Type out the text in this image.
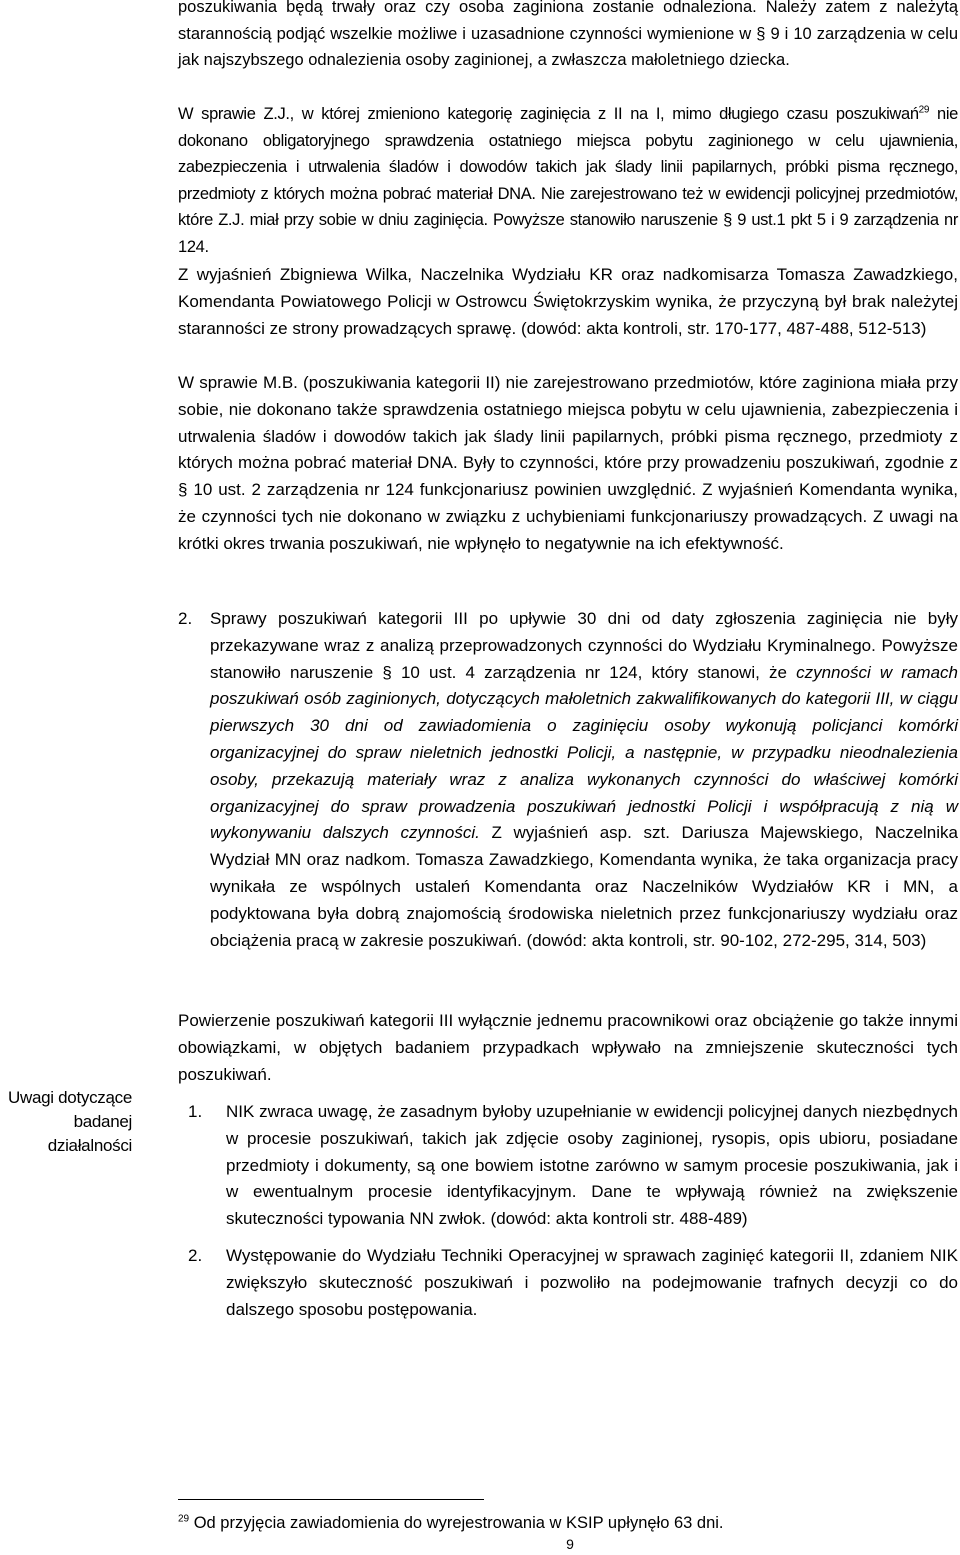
poszukiwania będą trwały oraz czy osoba zaginiona zostanie odnaleziona. Należy zatem z należytą starannością podjąć wszelkie możliwe i uzasadnione czynności wymienione w § 9 i 10 zarządzenia w celu jak najszybszego odnalezienia osoby zaginionej, a zwłaszcza małoletniego dziecka.

W sprawie Z.J., w której zmieniono kategorię zaginięcia z II na I, mimo długiego czasu poszukiwań$^{29}$ nie dokonano obligatoryjnego sprawdzenia ostatniego miejsca pobytu zaginionego w celu ujawnienia, zabezpieczenia i utrwalenia śladów i dowodów takich jak ślady linii papilarnych, próbki pisma ręcznego, przedmioty z których można pobrać materiał DNA. Nie zarejestrowano też w ewidencji policyjnej przedmiotów, które Z.J. miał przy sobie w dniu zaginięcia. Powyższe stanowiło naruszenie § 9 ust.1 pkt 5 i 9 zarządzenia nr 124.

Z wyjaśnień Zbigniewa Wilka, Naczelnika Wydziału KR oraz nadkomisarza Tomasza Zawadzkiego, Komendanta Powiatowego Policji w Ostrowcu Świętokrzyskim wynika, że przyczyną był brak należytej staranności ze strony prowadzących sprawę. (dowód: akta kontroli, str. 170-177, 487-488, 512-513)

W sprawie M.B. (poszukiwania kategorii II) nie zarejestrowano przedmiotów, które zaginiona miała przy sobie, nie dokonano także sprawdzenia ostatniego miejsca pobytu w celu ujawnienia, zabezpieczenia i utrwalenia śladów i dowodów takich jak ślady linii papilarnych, próbki pisma ręcznego, przedmioty z których można pobrać materiał DNA. Były to czynności, które przy prowadzeniu poszukiwań, zgodnie z § 10 ust. 2 zarządzenia nr 124 funkcjonariusz powinien uwzględnić. Z wyjaśnień Komendanta wynika, że czynności tych nie dokonano w związku z uchybieniami funkcjonariuszy prowadzących. Z uwagi na krótki okres trwania poszukiwań, nie wpłynęło to negatywnie na ich efektywność.

2. Sprawy poszukiwań kategorii III po upływie 30 dni od daty zgłoszenia zaginięcia nie były przekazywane wraz z analizą przeprowadzonych czynności do Wydziału Kryminalnego. Powyższe stanowiło naruszenie § 10 ust. 4 zarządzenia nr 124, który stanowi, że czynności w ramach poszukiwań osób zaginionych, dotyczących małoletnich zakwalifikowanych do kategorii III, w ciągu pierwszych 30 dni od zawiadomienia o zaginięciu osoby wykonują policjanci komórki organizacyjnej do spraw nieletnich jednostki Policji, a następnie, w przypadku nieodnalezienia osoby, przekazują materiały wraz z analiza wykonanych czynności do właściwej komórki organizacyjnej do spraw prowadzenia poszukiwań jednostki Policji i współpracują z nią w wykonywaniu dalszych czynności. Z wyjaśnień asp. szt. Dariusza Majewskiego, Naczelnika Wydział MN oraz nadkom. Tomasza Zawadzkiego, Komendanta wynika, że taka organizacja pracy wynikała ze wspólnych ustaleń Komendanta oraz Naczelników Wydziałów KR i MN, a podyktowana była dobrą znajomością środowiska nieletnich przez funkcjonariuszy wydziału oraz obciążenia pracą w zakresie poszukiwań. (dowód: akta kontroli, str. 90-102, 272-295, 314, 503)

Powierzenie poszukiwań kategorii III wyłącznie jednemu pracownikowi oraz obciążenie go także innymi obowiązkami, w objętych badaniem przypadkach wpływało na zmniejszenie skuteczności tych poszukiwań.

Uwagi dotyczące badanej działalności

1. NIK zwraca uwagę, że zasadnym byłoby uzupełnianie w ewidencji policyjnej danych niezbędnych w procesie poszukiwań, takich jak zdjęcie osoby zaginionej, rysopis, opis ubioru, posiadane przedmioty i dokumenty, są one bowiem istotne zarówno w samym procesie poszukiwania, jak i w ewentualnym procesie identyfikacyjnym. Dane te wpływają również na zwiększenie skuteczności typowania NN zwłok. (dowód: akta kontroli str. 488-489)

2. Występowanie do Wydziału Techniki Operacyjnej w sprawach zaginięć kategorii II, zdaniem NIK zwiększyło skuteczność poszukiwań i pozwoliło na podejmowanie trafnych decyzji co do dalszego sposobu postępowania.

$^{29}$ Od przyjęcia zawiadomienia do wyrejestrowania w KSIP upłynęło 63 dni.
9
